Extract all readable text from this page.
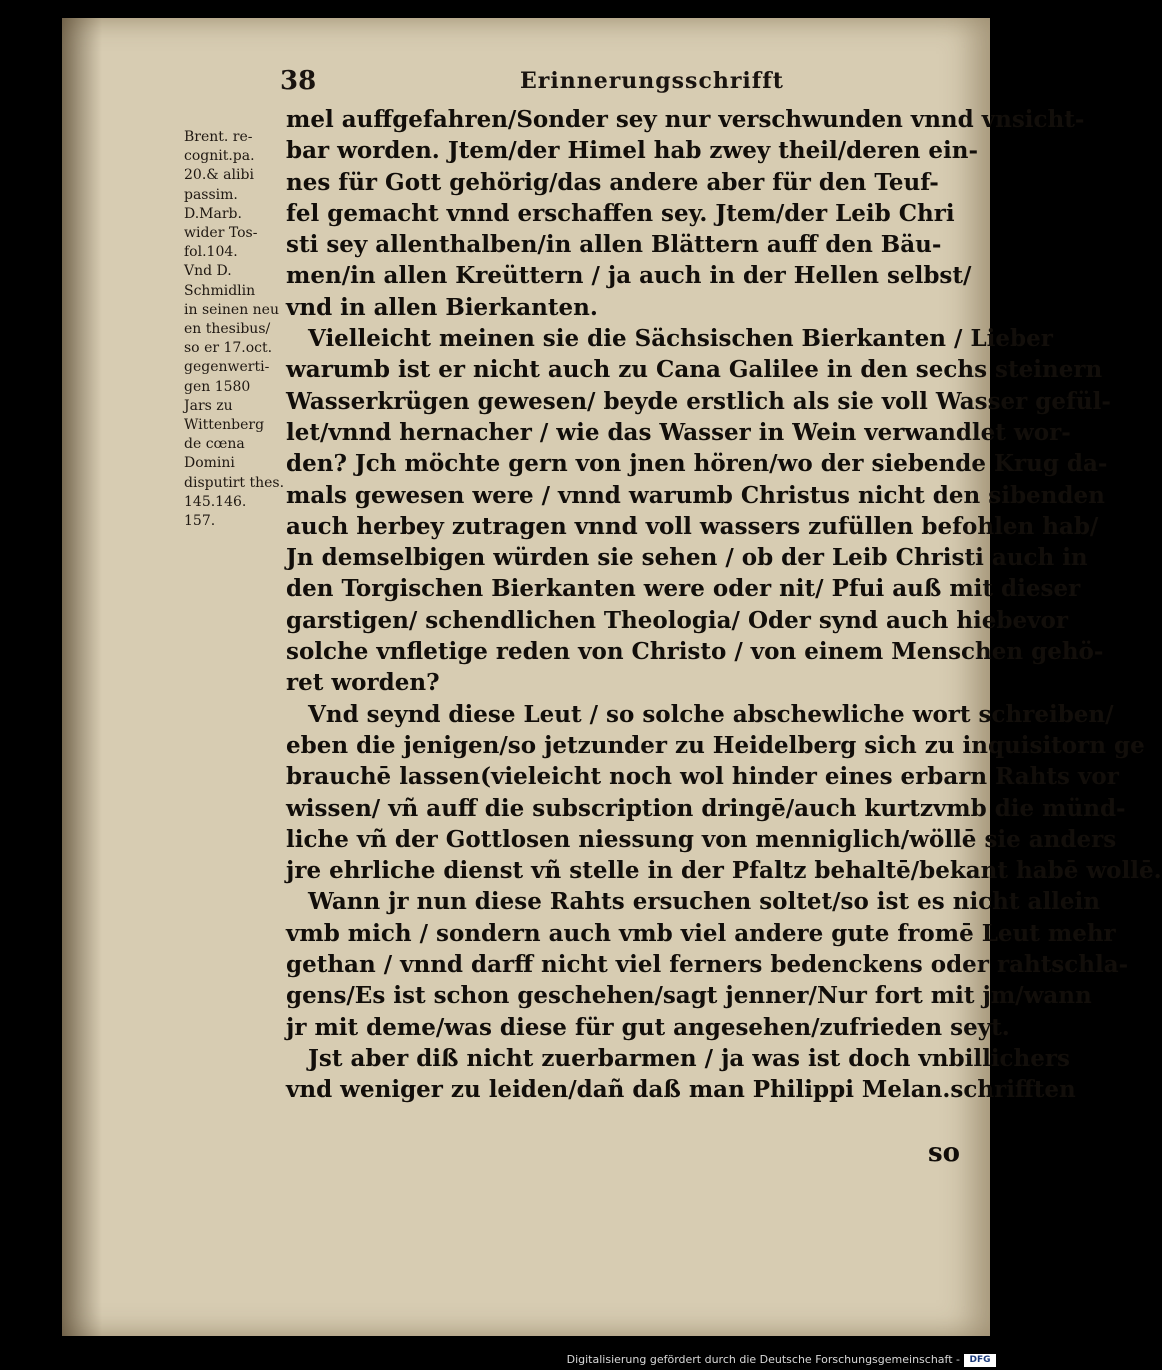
38	Erinnerungsschrifft
Brent. re-
cognit.pa.
20.& alibi
passim.
D.Marb.
wider Tos-
fol.104.
Vnd D.
Schmidlin
in seinen neu
en thesibus/
so er 17.oct.
gegenwerti-
gen 1580
Jars zu
Wittenberg
de cœna
Domini
disputirt thes.
145.146.
157.
mel auffgefahren/Sonder sey nur verschwunden vnnd vnsicht-
bar worden. Jtem/der Himel hab zwey theil/deren ein-
nes für Gott gehörig/das andere aber für den Teuf-
fel gemacht vnnd erschaffen sey. Jtem/der Leib Chri
sti sey allenthalben/in allen Blättern auff den Bäu-
men/in allen Kreüttern / ja auch in der Hellen selbst/
vnd in allen Bierkanten.
Vielleicht meinen sie die Sächsischen Bierkanten / Lieber
warumb ist er nicht auch zu Cana Galilee in den sechs steinern
Wasserkrügen gewesen/ beyde erstlich als sie voll Wasser gefül-
let/vnnd hernacher / wie das Wasser in Wein verwandlet wor-
den? Jch möchte gern von jnen hören/wo der siebende Krug da-
mals gewesen were / vnnd warumb Christus nicht den sibenden
auch herbey zutragen vnnd voll wassers zufüllen befohlen hab/
Jn demselbigen würden sie sehen / ob der Leib Christi auch in
den Torgischen Bierkanten were oder nit/ Pfui auß mit dieser
garstigen/ schendlichen Theologia/ Oder synd auch hiebevor
solche vnfletige reden von Christo / von einem Menschen gehö-
ret worden?
Vnd seynd diese Leut / so solche abschewliche wort schreiben/
eben die jenigen/so jetzunder zu Heidelberg sich zu inquisitorn ge
brauchē lassen(vieleicht noch wol hinder eines erbarn Rahts vor
wissen/ vñ auff die subscription dringē/auch kurtzvmb die münd-
liche vñ der Gottlosen niessung von menniglich/wöllē sie anders
jre ehrliche dienst vñ stelle in der Pfaltz behaltē/bekant habē wollē.
Wann jr nun diese Rahts ersuchen soltet/so ist es nicht allein
vmb mich / sondern auch vmb viel andere gute fromē Leut mehr
gethan / vnnd darff nicht viel ferners bedenckens oder rahtschla-
gens/Es ist schon geschehen/sagt jenner/Nur fort mit jm/wann
jr mit deme/was diese für gut angesehen/zufrieden seyt.
Jst aber diß nicht zuerbarmen / ja was ist doch vnbillichers
vnd weniger zu leiden/dañ daß man Philippi Melan.schrifften
so
Digitalisierung gefördert durch die Deutsche Forschungsgemeinschaft -	DFG
